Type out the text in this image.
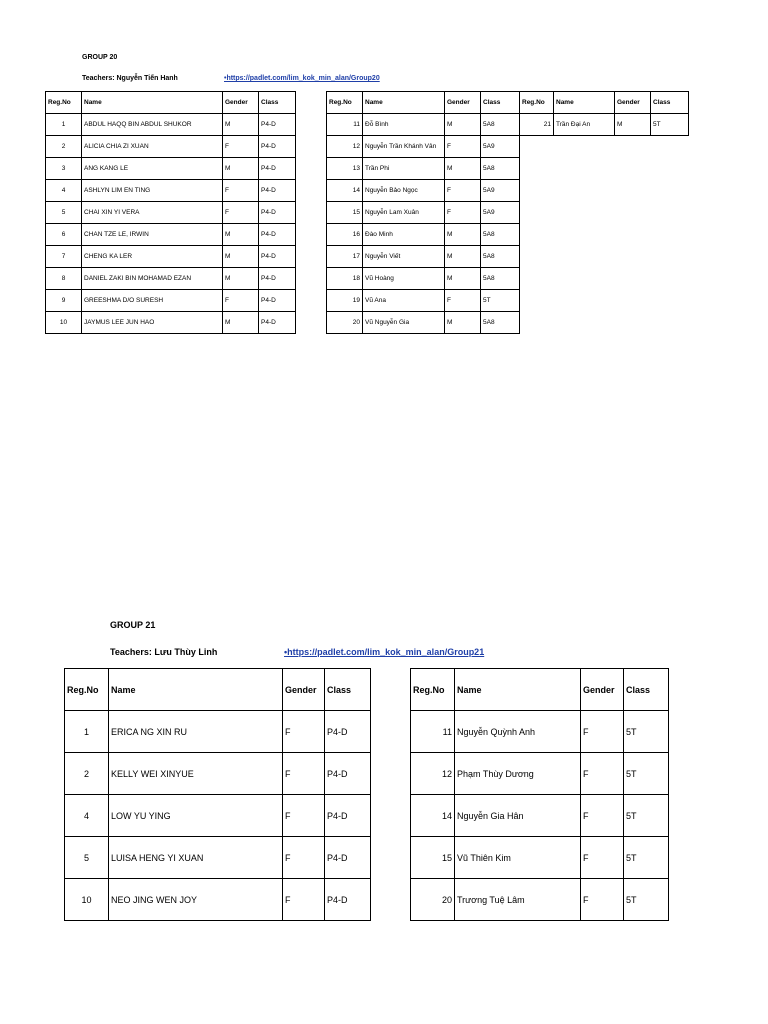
GROUP 20
Teachers: Nguyễn Tiến Hanh	•https://padlet.com/lim_kok_min_alan/Group20
Reg.No	Name	Gender	Class
1	ABDUL HAQQ BIN ABDUL SHUKOR	M	P4-D
2	ALICIA CHIA ZI XUAN	F	P4-D
3	ANG KANG LE	M	P4-D
4	ASHLYN LIM EN TING	F	P4-D
5	CHAI XIN YI VERA	F	P4-D
6	CHAN TZE LE, IRWIN	M	P4-D
7	CHENG KA LER	M	P4-D
8	DANIEL ZAKI BIN MOHAMAD EZAN	M	P4-D
9	GREESHMA D/O SURESH	F	P4-D
10	JAYMUS LEE JUN HAO	M	P4-D
Reg.No	Name	Gender	Class
11	Đỗ Bình	M	5A8
12	Nguyễn Trần Khánh Vân	F	5A9
13	Trần Phi	M	5A8
14	Nguyễn Bảo Ngọc	F	5A9
15	Nguyễn Lam Xuân	F	5A9
16	Đào Minh	M	5A8
17	Nguyễn Viết	M	5A8
18	Vũ Hoàng	M	5A8
19	Vũ Ana	F	5T
20	Vũ Nguyễn Gia	M	5A8
Reg.No	Name	Gender	Class
21	Trần Đại An	M	5T
GROUP 21
Teachers: Lưu Thùy Linh	•https://padlet.com/lim_kok_min_alan/Group21
Reg.No	Name	Gender	Class
1	ERICA NG XIN RU	F	P4-D
2	KELLY WEI XINYUE	F	P4-D
4	LOW YU YING	F	P4-D
5	LUISA HENG YI XUAN	F	P4-D
10	NEO JING WEN JOY	F	P4-D
Reg.No	Name	Gender	Class
11	Nguyễn Quỳnh Anh	F	5T
12	Phạm Thùy Dương	F	5T
14	Nguyễn Gia Hân	F	5T
15	Vũ Thiên Kim	F	5T
20	Trương Tuệ Lâm	F	5T
